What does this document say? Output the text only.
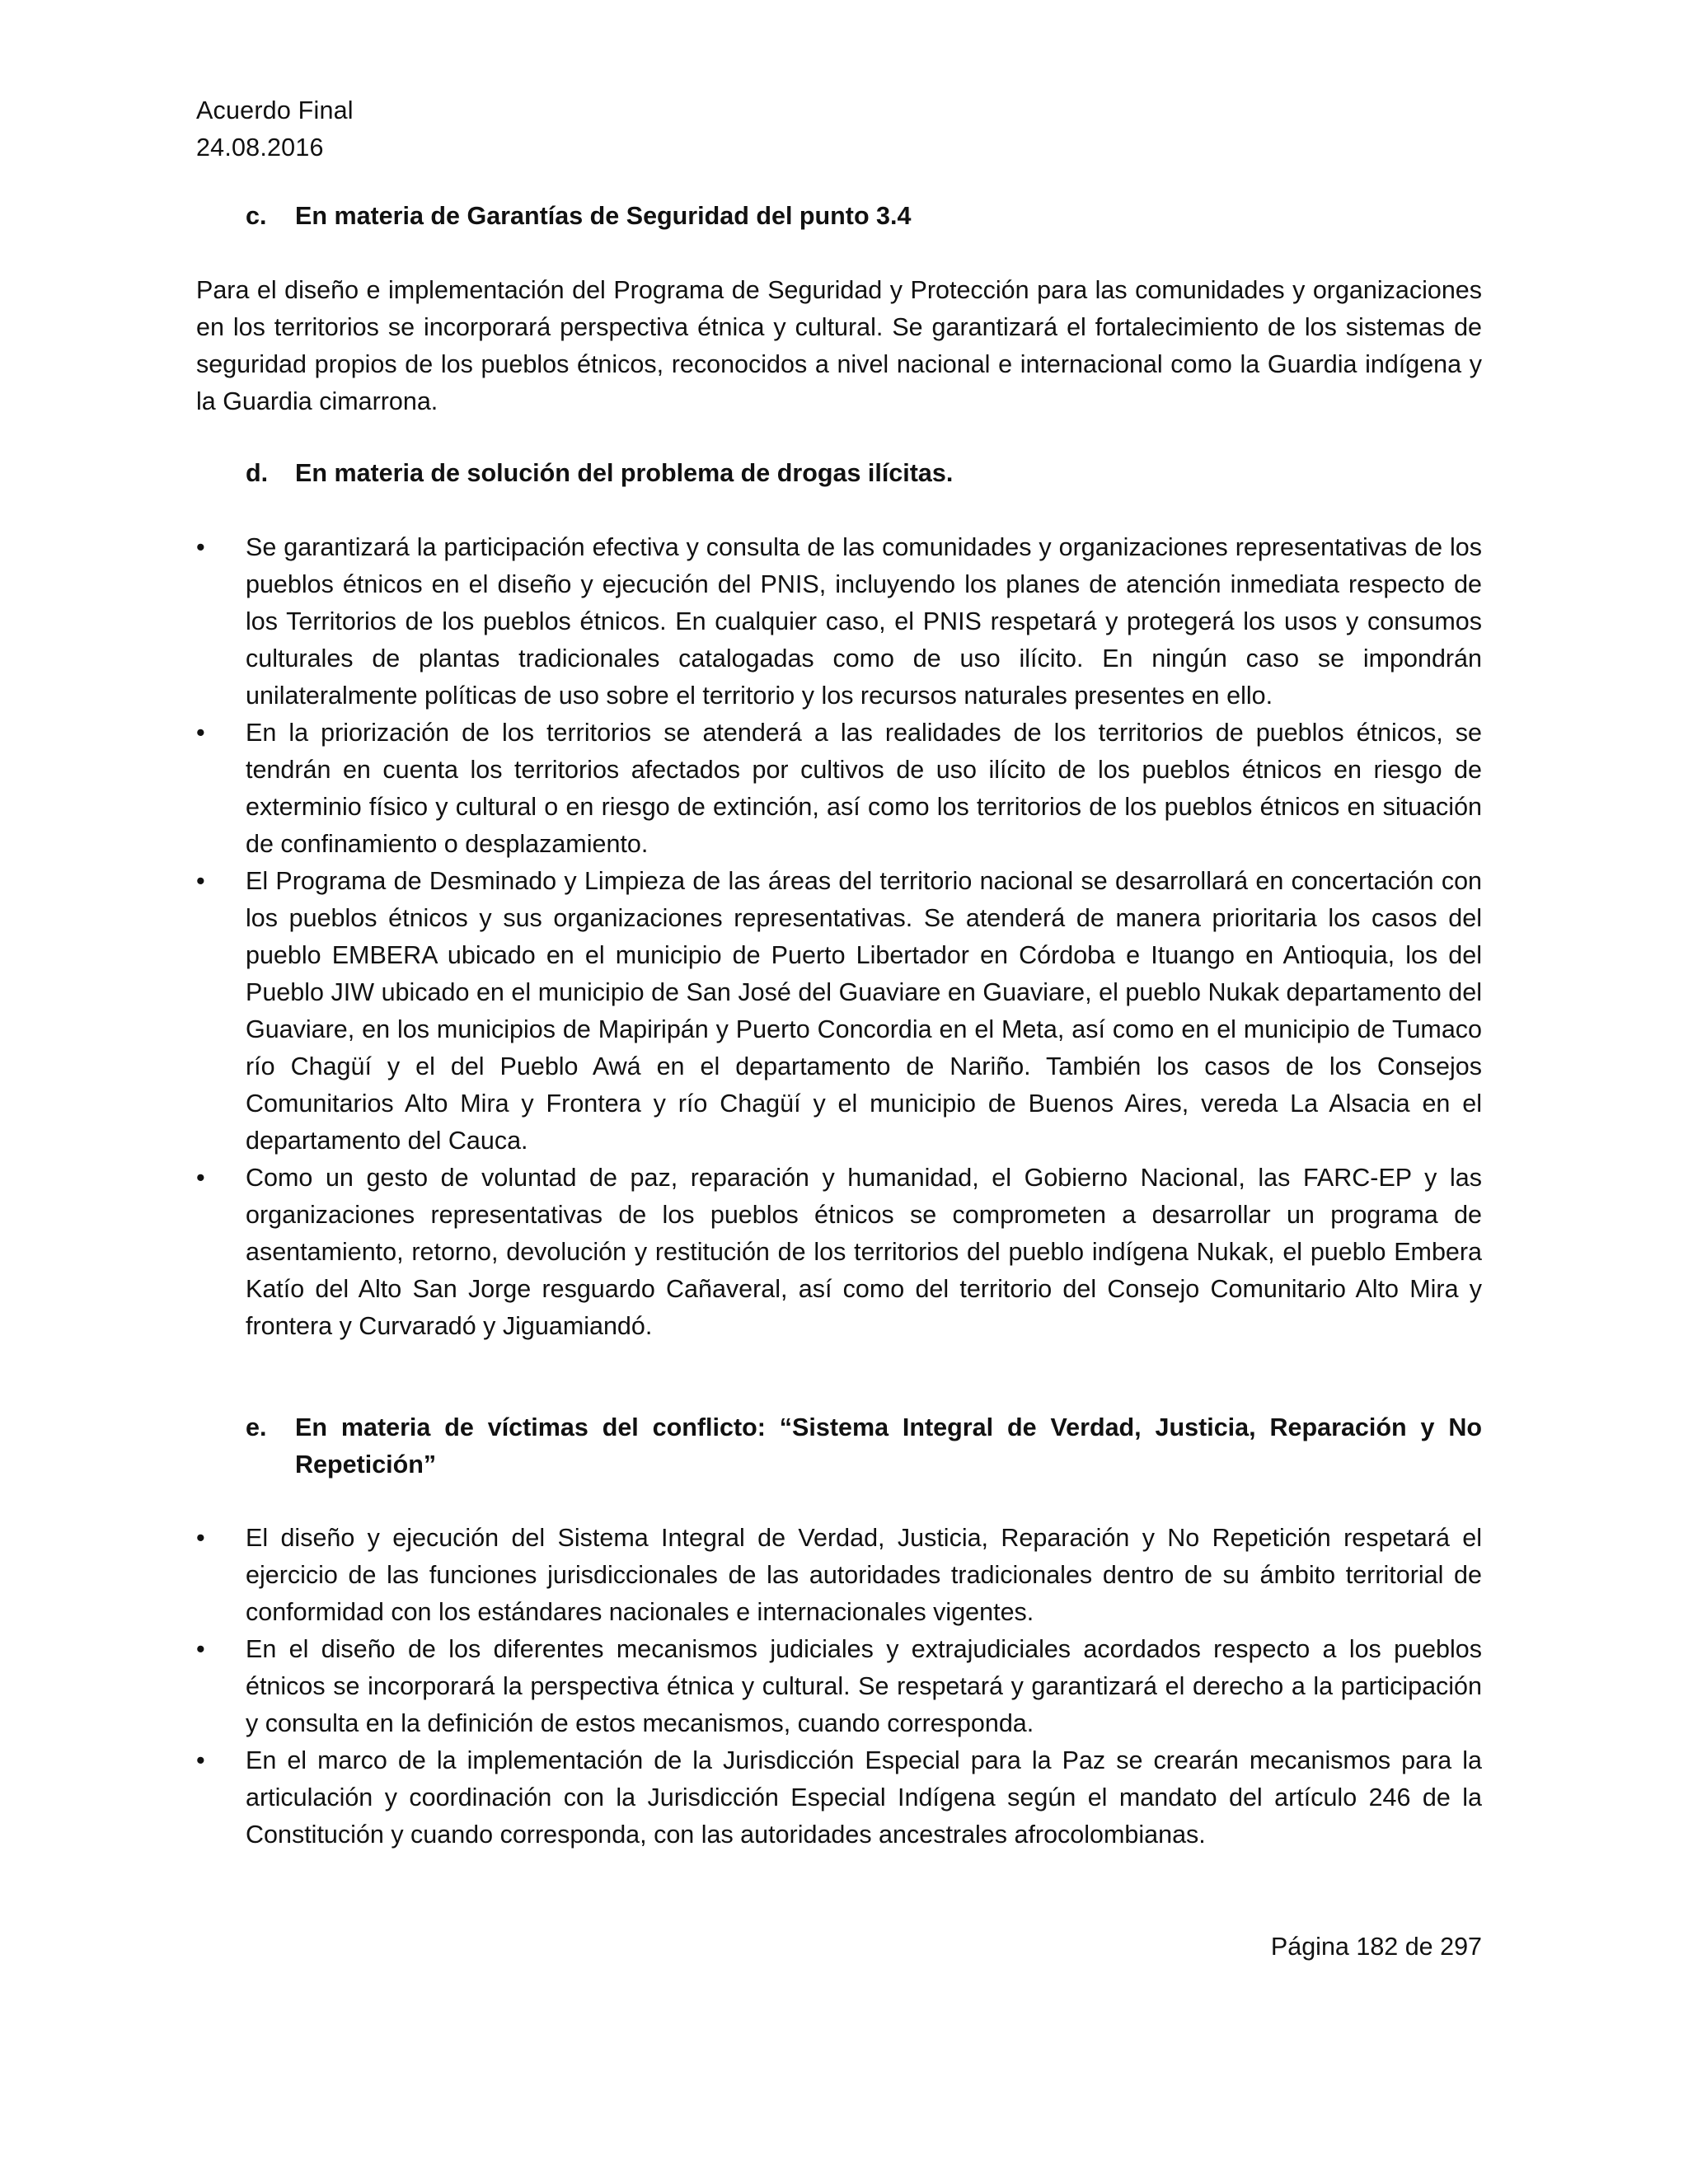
Acuerdo Final
24.08.2016
c.	En materia de Garantías de Seguridad del punto 3.4

Para el diseño e implementación del Programa de Seguridad y Protección para las comunidades y organizaciones en los territorios se incorporará perspectiva étnica y cultural. Se garantizará el fortalecimiento de los sistemas de seguridad propios de los pueblos étnicos, reconocidos a nivel nacional e internacional como la Guardia indígena y la Guardia cimarrona.

d.	En materia de solución del problema de drogas ilícitas.
•	Se garantizará la participación efectiva y consulta de las comunidades y organizaciones representativas de los pueblos étnicos en el diseño y ejecución del PNIS, incluyendo los planes de atención inmediata respecto de los Territorios de los pueblos étnicos. En cualquier caso, el PNIS respetará y protegerá los usos y consumos culturales de plantas tradicionales catalogadas como de uso ilícito. En ningún caso se impondrán unilateralmente políticas de uso sobre el territorio y los recursos naturales presentes en ello.
•	En la priorización de los territorios se atenderá a las realidades de los territorios de pueblos étnicos, se tendrán en cuenta los territorios afectados por cultivos de uso ilícito de los pueblos étnicos en riesgo de exterminio físico y cultural o en riesgo de extinción, así como los territorios de los pueblos étnicos en situación de confinamiento o desplazamiento.
•	El Programa de Desminado y Limpieza de las áreas del territorio nacional se desarrollará en concertación con los pueblos étnicos y sus organizaciones representativas. Se atenderá de manera prioritaria los casos del pueblo EMBERA ubicado en el municipio de Puerto Libertador en Córdoba e Ituango en Antioquia, los del Pueblo JIW ubicado en el municipio de San José del Guaviare en Guaviare, el pueblo Nukak departamento del Guaviare, en los municipios de Mapiripán y Puerto Concordia en el Meta, así como en el municipio de Tumaco río Chagüí y el del Pueblo Awá en el departamento de Nariño. También los casos de los Consejos Comunitarios Alto Mira y Frontera y río Chagüí y el municipio de Buenos Aires, vereda La Alsacia en el departamento del Cauca.
•	Como un gesto de voluntad de paz, reparación y humanidad, el Gobierno Nacional, las FARC-EP y las organizaciones representativas de los pueblos étnicos se comprometen a desarrollar un programa de asentamiento, retorno, devolución y restitución de los territorios del pueblo indígena Nukak, el pueblo Embera Katío del Alto San Jorge resguardo Cañaveral, así como del territorio del Consejo Comunitario Alto Mira y frontera y Curvaradó y Jiguamiandó.
e.	En materia de víctimas del conflicto: “Sistema Integral de Verdad, Justicia, Reparación y No Repetición”
•	El diseño y ejecución del Sistema Integral de Verdad, Justicia, Reparación y No Repetición respetará el ejercicio de las funciones jurisdiccionales de las autoridades tradicionales dentro de su ámbito territorial de conformidad con los estándares nacionales e internacionales vigentes.
•	En el diseño de los diferentes mecanismos judiciales y extrajudiciales acordados respecto a los pueblos étnicos se incorporará la perspectiva étnica y cultural. Se respetará y garantizará el derecho a la participación y consulta en la definición de estos mecanismos, cuando corresponda.
•	En el marco de la implementación de la Jurisdicción Especial para la Paz se crearán mecanismos para la articulación y coordinación con la Jurisdicción Especial Indígena según el mandato del artículo 246 de la Constitución y cuando corresponda, con las autoridades ancestrales afrocolombianas.
Página 182 de 297
